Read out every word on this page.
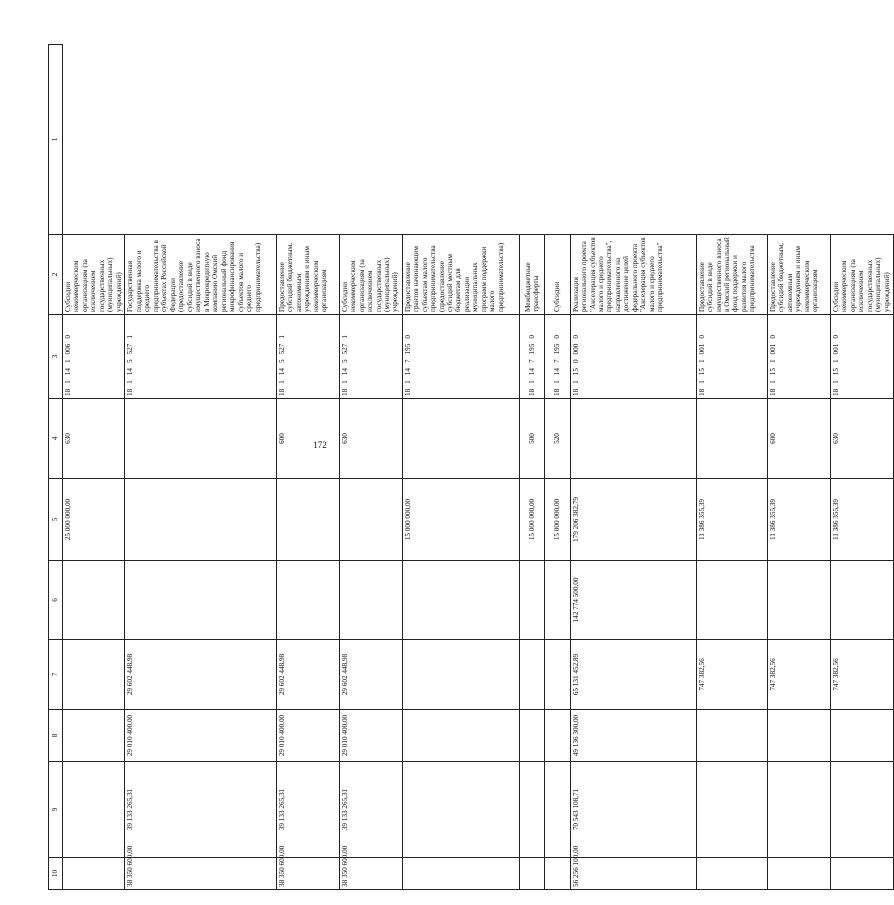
172
10	9	8	7	6	5	4	3	2	1
					25 000 000,00	630	1811410060	Субсидии некоммерческим организациям (за исключением государственных (муниципальных) учреждений)	
38 350 600,00	39 133 265,31	29 010 400,00	29 602 448,98				1811455271	Государственная поддержка малого и среднего предпринимательства в субъектах Российской Федерации (предоставление субсидий в виде имущественного взноса в Микрокредитную компанию Омский региональный фонд микрофинансирования субъектов малого и среднего предпринимательства)	
38 350 600,00	39 133 265,31	29 010 400,00	29 602 448,98			600	1811455271	Предоставление субсидий бюджетным, автономным учреждениям и иным некоммерческим организациям	
38 350 600,00	39 133 265,31	29 010 400,00	29 602 448,98			630	1811455271	Субсидии некоммерческим организациям (за исключением государственных (муниципальных) учреждений)	
					15 000 000,00		1811471950	Предоставление грантов начинающим субъектам малого предпринимательства (предоставление субсидий местным бюджетам для реализации муниципальных программ поддержки малого предпринимательства)	
					15 000 000,00	500	1811471950	Межбюджетные трансферты	
					15 000 000,00	520	1811471950	Субсидии	
56 256 100,00	70 543 108,71	49 136 300,00	65 131 452,89	142 774 500,00	179 206 382,79		1811500000	Реализация регионального проекта "Акселерация субъектов малого и среднего предпринимательства", направленного на достижение целей федерального проекта "Акселерация субъектов малого и среднего предпринимательства"	
			747 382,56		11 386 355,39		1811510010	Предоставление субсидий в виде имущественного взноса в Омский региональный фонд поддержки и развития малого предпринимательства	
			747 382,56		11 386 355,39	600	1811510010	Предоставление субсидий бюджетным, автономным учреждениям и иным некоммерческим организациям	
			747 382,56		11 386 355,39	630	1811510010	Субсидии некоммерческим организациям (за исключением государственных (муниципальных) учреждений)	
